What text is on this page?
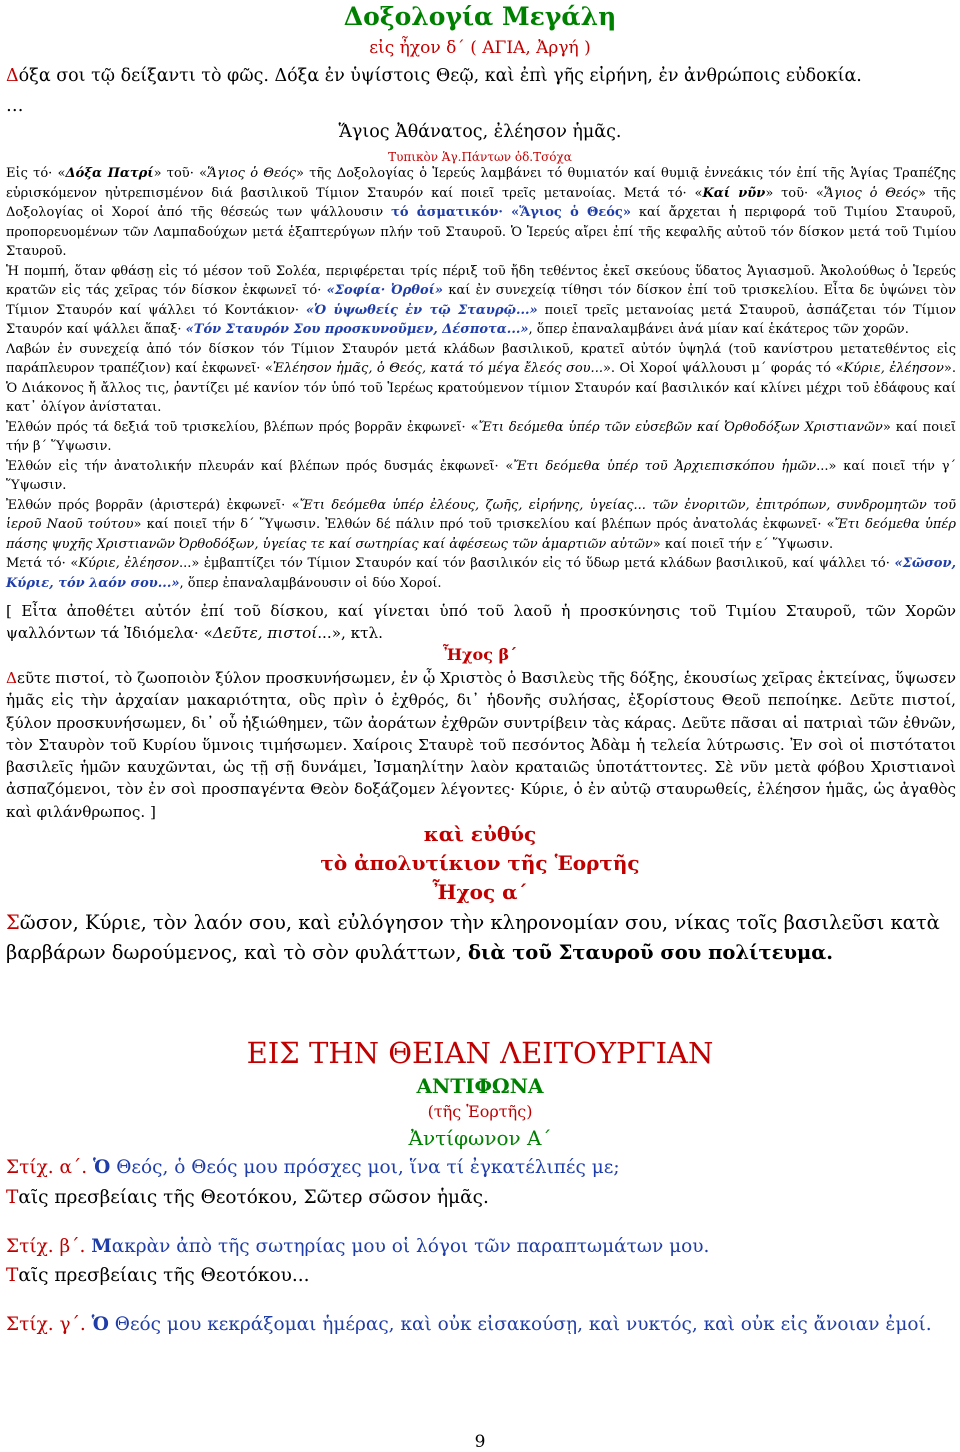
Δοξολογία Μεγάλη
εἰς ἦχον δ´ ( ΑΓΙΑ, Ἀργή )
Δόξα σοι τῷ δείξαντι τὸ φῶς. Δόξα ἐν ὑψίστοις Θεῷ, καὶ ἐπὶ γῆς εἰρήνη, ἐν ἀνθρώποις εὐδοκία.
…
Ἅγιος Ἀθάνατος, ἐλέησον ἡμᾶς.
Τυπικὸν Ἁγ.Πάντων ὁδ.Τσόχα

Εἰς τό· «Δόξα Πατρί» τοῦ· «Ἅγιος ὁ Θεός» τῆς Δοξολογίας ὁ Ἱερεύς λαμβάνει τό θυμιατόν καί θυμιᾷ ἐννεάκις τόν ἐπί τῆς Ἁγίας Τραπέζης εὑρισκόμενον ηὐτρεπισμένον διά βασιλικοῦ Τίμιον Σταυρόν καί ποιεῖ τρεῖς μετανοίας. Μετά τό· «Καί νῦν» τοῦ· «Ἅγιος ὁ Θεός» τῆς Δοξολογίας οἱ Χοροί ἀπό τῆς θέσεώς των ψάλλουσιν τό ἀσματικόν· «Ἅγιος ὁ Θεός» καί ἄρχεται ἡ περιφορά τοῦ Τιμίου Σταυροῦ, προπορευομένων τῶν Λαμπαδούχων μετά ἑξαπτερύγων πλήν τοῦ Σταυροῦ. Ὁ Ἱερεύς αἴρει ἐπί τῆς κεφαλῆς αὐτοῦ τόν δίσκον μετά τοῦ Τιμίου Σταυροῦ.

Ἡ πομπή, ὅταν φθάσῃ εἰς τό μέσον τοῦ Σολέα, περιφέρεται τρίς πέριξ τοῦ ἤδη τεθέντος ἐκεῖ σκεύους ὕδατος Ἁγιασμοῦ. Ἀκολούθως ὁ Ἱερεύς κρατῶν εἰς τάς χεῖρας τόν δίσκον ἐκφωνεῖ τό· «Σοφία· Ὀρθοί» καί ἐν συνεχείᾳ τίθησι τόν δίσκον ἐπί τοῦ τρισκελίου. Εἶτα δε ὑψώνει τὸν Τίμιον Σταυρόν καί ψάλλει τό Κοντάκιον· «Ὁ ὑψωθείς ἐν τῷ Σταυρῷ...» ποιεῖ τρεῖς μετανοίας μετά Σταυροῦ, ἀσπάζεται τόν Τίμιον Σταυρόν καί ψάλλει ἅπαξ· «Τόν Σταυρόν Σου προσκυνοῦμεν, Δέσποτα...», ὅπερ ἐπαναλαμβάνει ἀνά μίαν καί ἑκάτερος τῶν χορῶν.

Λαβών ἐν συνεχείᾳ ἀπό τόν δίσκον τόν Τίμιον Σταυρόν μετά κλάδων βασιλικοῦ, κρατεῖ αὐτόν ὑψηλά (τοῦ κανίστρου μετατεθέντος εἰς παράπλευρον τραπέζιον) καί ἐκφωνεῖ· «Ἐλέησον ἡμᾶς, ὁ Θεός, κατά τό μέγα ἔλεός σου...». Οἱ Χοροί ψάλλουσι μ´ φοράς τό «Κύριε, ἐλέησον». Ὁ Διάκονος ἤ ἄλλος τις, ῥαντίζει μέ κανίον τόν ὑπό τοῦ Ἱερέως κρατούμενον τίμιον Σταυρόν καί βασιλικόν καί κλίνει μέχρι τοῦ ἐδάφους καί κατ᾿ ὀλίγον ἀνίσταται.

Ἐλθών πρός τά δεξιά τοῦ τρισκελίου, βλέπων πρός βορρᾶν ἐκφωνεῖ· «Ἔτι δεόμεθα ὑπέρ τῶν εὐσεβῶν καί Ὀρθοδόξων Χριστιανῶν» καί ποιεῖ τήν β´ Ὕψωσιν.

Ἐλθών εἰς τήν ἀνατολικήν πλευράν καί βλέπων πρός δυσμάς ἐκφωνεῖ· «Ἔτι δεόμεθα ὑπέρ τοῦ Ἀρχιεπισκόπου ἡμῶν...» καί ποιεῖ τήν γ´ Ὕψωσιν.

Ἐλθών πρός βορρᾶν (ἀριστερά) ἐκφωνεῖ· «Ἔτι δεόμεθα ὑπέρ ἐλέους, ζωῆς, εἰρήνης, ὑγείας... τῶν ἐνοριτῶν, ἐπιτρόπων, συνδρομητῶν τοῦ ἱεροῦ Ναοῦ τούτου» καί ποιεῖ τήν δ´ Ὕψωσιν. Ἐλθών δέ πάλιν πρό τοῦ τρισκελίου καί βλέπων πρός ἀνατολάς ἐκφωνεῖ· «Ἔτι δεόμεθα ὑπέρ πάσης ψυχῆς Χριστιανῶν Ὀρθοδόξων, ὑγείας τε καί σωτηρίας καί ἀφέσεως τῶν ἁμαρτιῶν αὐτῶν» καί ποιεῖ τήν ε´ Ὕψωσιν.

Μετά τό· «Κύριε, ἐλέησον...» ἐμβαπτίζει τόν Τίμιον Σταυρόν καί τόν βασιλικόν εἰς τό ὕδωρ μετά κλάδων βασιλικοῦ, καί ψάλλει τό· «Σῶσον, Κύριε, τόν λαόν σου...», ὅπερ ἐπαναλαμβάνουσιν οἱ δύο Χοροί.

[ Εἶτα ἀποθέτει αὐτόν ἐπί τοῦ δίσκου, καί γίνεται ὑπό τοῦ λαοῦ ἡ προσκύνησις τοῦ Τιμίου Σταυροῦ, τῶν Χορῶν ψαλλόντων τά Ἰδιόμελα· «Δεῦτε, πιστοί...», κτλ.
Ἦχος β´
Δεῦτε πιστοί, τὸ ζωοποιὸν ξύλον προσκυνήσωμεν, ἐν ᾧ Χριστὸς ὁ Βασιλεὺς τῆς δόξης, ἑκουσίως χεῖρας ἐκτείνας, ὕψωσεν ἡμᾶς εἰς τὴν ἀρχαίαν μακαριότητα, οὓς πρὶν ὁ ἐχθρός, δι᾿ ἡδονῆς συλήσας, ἐξορίστους Θεοῦ πεποίηκε. Δεῦτε πιστοί, ξύλον προσκυνήσωμεν, δι᾿ οὗ ἠξιώθημεν, τῶν ἀοράτων ἐχθρῶν συντρίβειν τὰς κάρας. Δεῦτε πᾶσαι αἱ πατριαὶ τῶν ἐθνῶν, τὸν Σταυρὸν τοῦ Κυρίου ὕμνοις τιμήσωμεν. Χαίροις Σταυρὲ τοῦ πεσόντος Ἀδὰμ ἡ τελεία λύτρωσις. Ἐν σοὶ οἱ πιστότατοι βασιλεῖς ἡμῶν καυχῶνται, ὡς τῇ σῇ δυνάμει, Ἰσμαηλίτην λαὸν κραταιῶς ὑποτάττοντες. Σὲ νῦν μετὰ φόβου Χριστιανοὶ ἀσπαζόμενοι, τὸν ἐν σοὶ προσπαγέντα Θεὸν δοξάζομεν λέγοντες· Κύριε, ὁ ἐν αὐτῷ σταυρωθείς, ἐλέησον ἡμᾶς, ὡς ἀγαθὸς καὶ φιλάνθρωπος. ]
καὶ εὐθύς
τὸ ἀπολυτίκιον τῆς Ἑορτῆς
Ἦχος α´
Σῶσον, Κύριε, τὸν λαόν σου, καὶ εὐλόγησον τὴν κληρονομίαν σου, νίκας τοῖς βασιλεῦσι κατὰ βαρβάρων δωρούμενος, καὶ τὸ σὸν φυλάττων, διὰ τοῦ Σταυροῦ σου πολίτευμα.
ΕΙΣ ΤΗΝ ΘΕΙΑΝ ΛΕΙΤΟΥΡΓΙΑΝ
ΑΝΤΙΦΩΝΑ
(τῆς Ἑορτῆς)
Ἀντίφωνον Α´
Στίχ. α´. Ὁ Θεός, ὁ Θεός μου πρόσχες μοι, ἵνα τί ἐγκατέλιπές με;
Ταῖς πρεσβείαις τῆς Θεοτόκου, Σῶτερ σῶσον ἡμᾶς.
Στίχ. β´. Μακρὰν ἀπὸ τῆς σωτηρίας μου οἱ λόγοι τῶν παραπτωμάτων μου.
Ταῖς πρεσβείαις τῆς Θεοτόκου...
Στίχ. γ´. Ὁ Θεός μου κεκράξομαι ἡμέρας, καὶ οὐκ εἰσακούσῃ, καὶ νυκτός, καὶ οὐκ εἰς ἄνοιαν ἐμοί.
9
